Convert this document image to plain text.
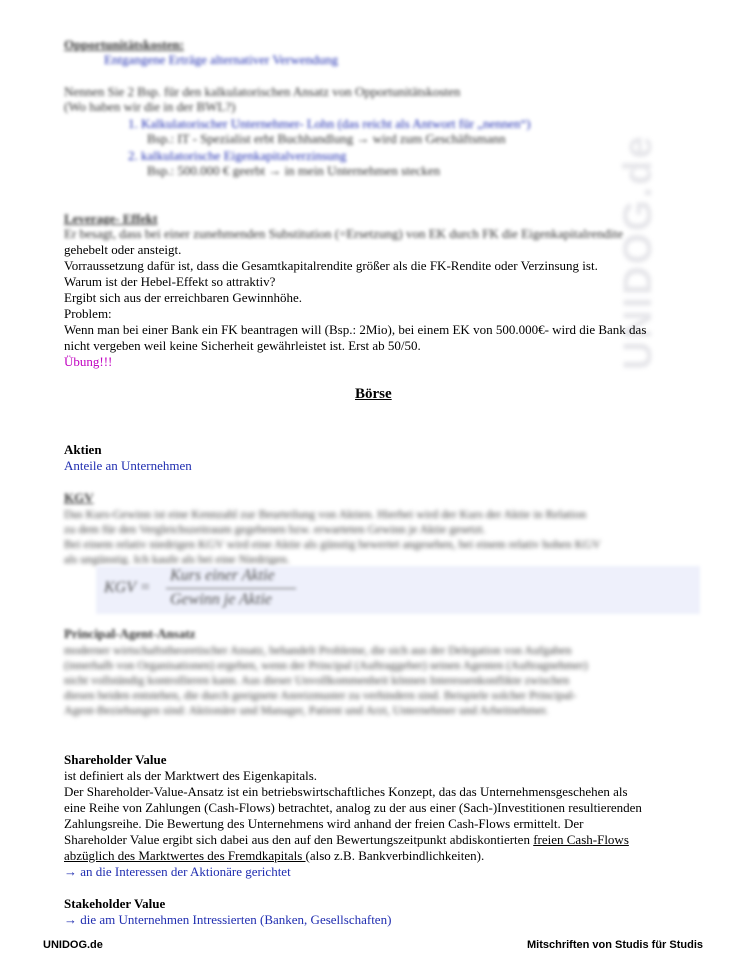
UNIDOG.de
Opportunitätskosten:
Entgangene Erträge alternativer Verwendung
Nennen Sie 2 Bsp. für den kalkulatorischen Ansatz von Opportunitätskosten
(Wo haben wir die in der BWL?)
1. Kalkulatorischer Unternehmer- Lohn (das reicht als Antwort für „nennen“)
Bsp.: IT - Spezialist erbt Buchhandlung → wird zum Geschäftsmann
2. kalkulatorische Eigenkapitalverzinsung
Bsp.: 500.000 € geerbt → in mein Unternehmen stecken
Leverage- Effekt
Er besagt, dass bei einer zunehmenden Substitution (=Ersetzung) von EK durch FK die Eigenkapitalrendite
gehebelt oder ansteigt.
Vorraussetzung dafür ist, dass die Gesamtkapitalrendite größer als die FK-Rendite oder Verzinsung ist.
Warum ist der Hebel-Effekt so attraktiv?
Ergibt sich aus der erreichbaren Gewinnhöhe.
Problem:
Wenn man bei einer Bank ein FK beantragen will (Bsp.: 2Mio), bei einem EK von 500.000€- wird die Bank das
nicht vergeben weil keine Sicherheit gewährleistet ist. Erst ab 50/50.
Übung!!!
Börse
Aktien
Anteile an Unternehmen
KGV
Das Kurs-Gewinn ist eine Kennzahl zur Beurteilung von Aktien. Hierbei wird der Kurs der Aktie in Relation
zu dem für den Vergleichszeitraum gegebenen bzw. erwarteten Gewinn je Aktie gesetzt.
Bei einem relativ niedrigen KGV wird eine Aktie als günstig bewertet angesehen, bei einem relativ hohen KGV
als ungünstig. Ich kaufe als bei eine Niedrigen.
KGV =
Kurs einer Aktie
Gewinn je Aktie
Principal-Agent-Ansatz
moderner wirtschaftstheoretischer Ansatz, behandelt Probleme, die sich aus der Delegation von Aufgaben
(innerhalb von Organisationen) ergeben, wenn der Principal (Auftraggeber) seinen Agenten (Auftragnehmer)
nicht vollständig kontrollieren kann. Aus dieser Unvollkommenheit können Interessenkonflikte zwischen
diesen beiden entstehen, die durch geeignete Anreizmuster zu verhindern sind. Beispiele solcher Principal-
Agent-Beziehungen sind: Aktionäre und Manager, Patient und Arzt, Unternehmer und Arbeitnehmer.
Shareholder Value
ist definiert als der Marktwert des Eigenkapitals.
Der Shareholder-Value-Ansatz ist ein betriebswirtschaftliches Konzept, das das Unternehmensgeschehen als
eine Reihe von Zahlungen (Cash-Flows) betrachtet, analog zu der aus einer (Sach-)Investitionen resultierenden
Zahlungsreihe. Die Bewertung des Unternehmens wird anhand der freien Cash-Flows ermittelt. Der
Shareholder Value ergibt sich dabei aus den auf den Bewertungszeitpunkt abdiskontierten freien Cash-Flows
abzüglich des Marktwertes des Fremdkapitals (also z.B. Bankverbindlichkeiten).
→ an die Interessen der Aktionäre gerichtet
Stakeholder Value
→ die am Unternehmen Intressierten (Banken, Gesellschaften)
UNIDOG.de	Mitschriften von Studis für Studis
